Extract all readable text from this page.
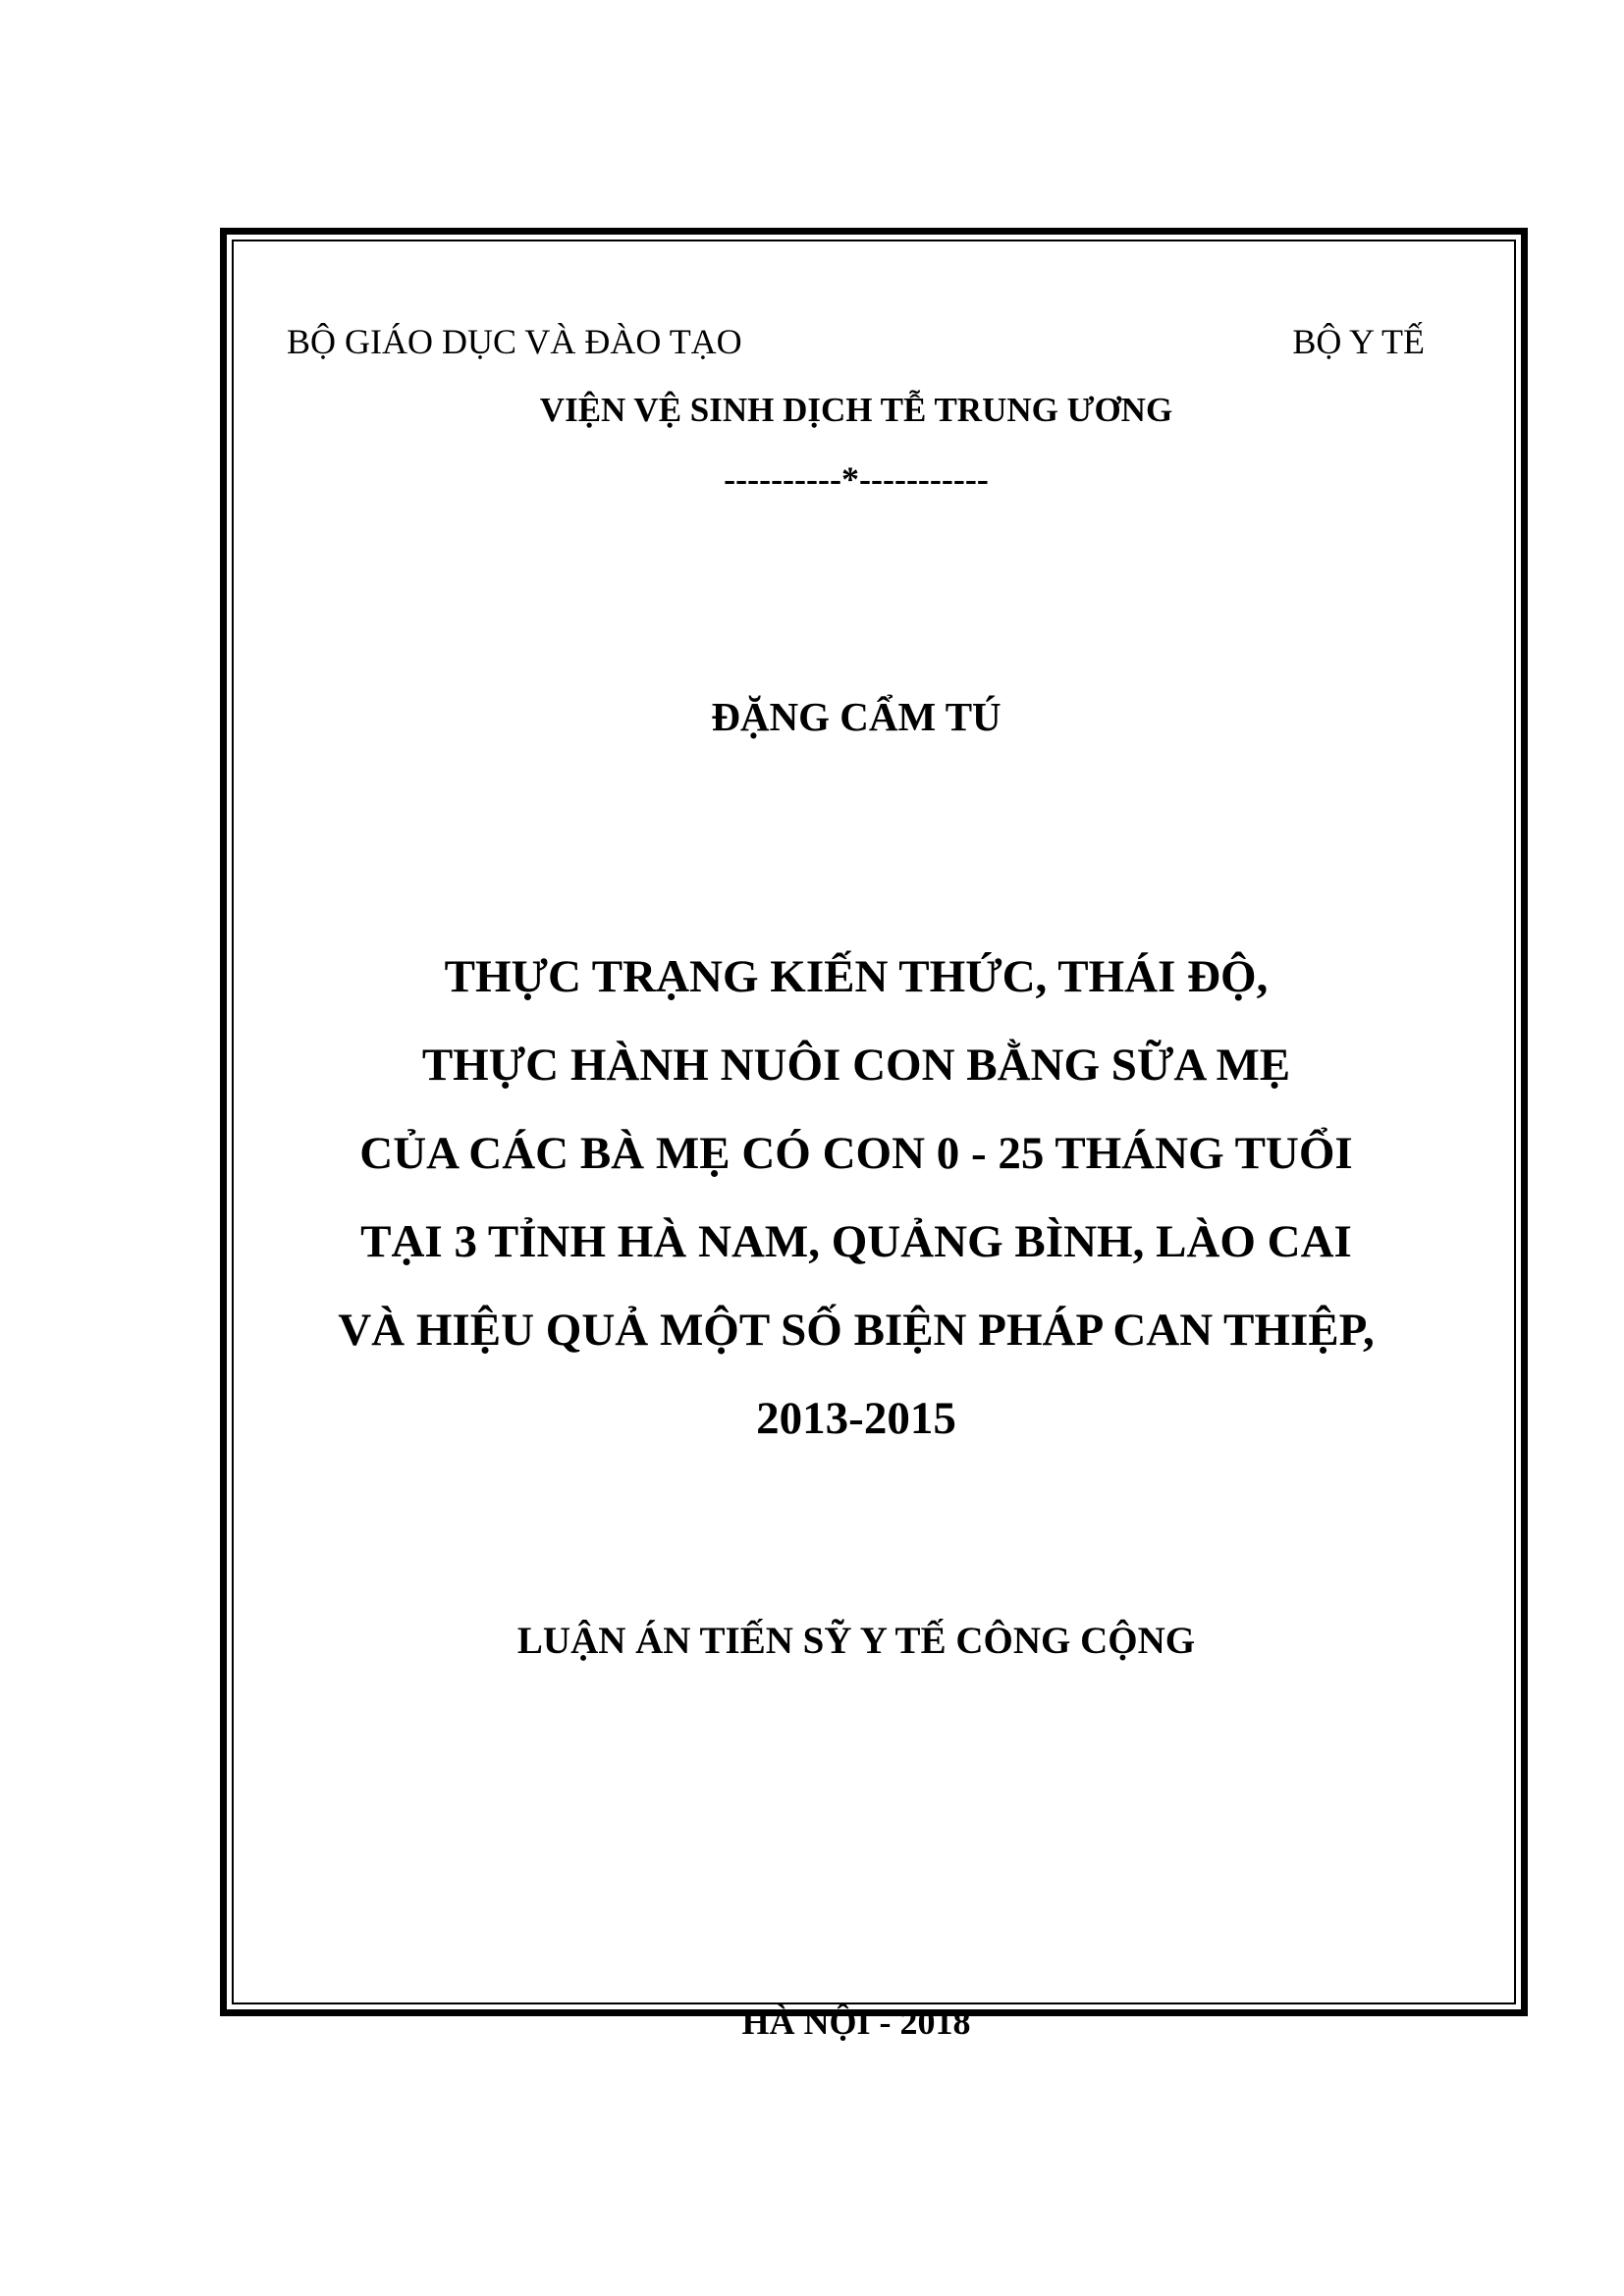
BỘ GIÁO DỤC VÀ ĐÀO TẠO	BỘ Y TẾ
VIỆN VỆ SINH DỊCH TỄ TRUNG ƯƠNG
----------*-----------
ĐẶNG CẨM TÚ
THỰC TRẠNG KIẾN THỨC, THÁI ĐỘ,
THỰC HÀNH NUÔI CON BẰNG SỮA MẸ
CỦA CÁC BÀ MẸ CÓ CON 0 - 25 THÁNG TUỔI
TẠI 3 TỈNH HÀ NAM, QUẢNG BÌNH, LÀO CAI
VÀ HIỆU QUẢ MỘT SỐ BIỆN PHÁP CAN THIỆP,
2013-2015
LUẬN ÁN TIẾN SỸ Y TẾ CÔNG CỘNG
HÀ NỘI - 2018
